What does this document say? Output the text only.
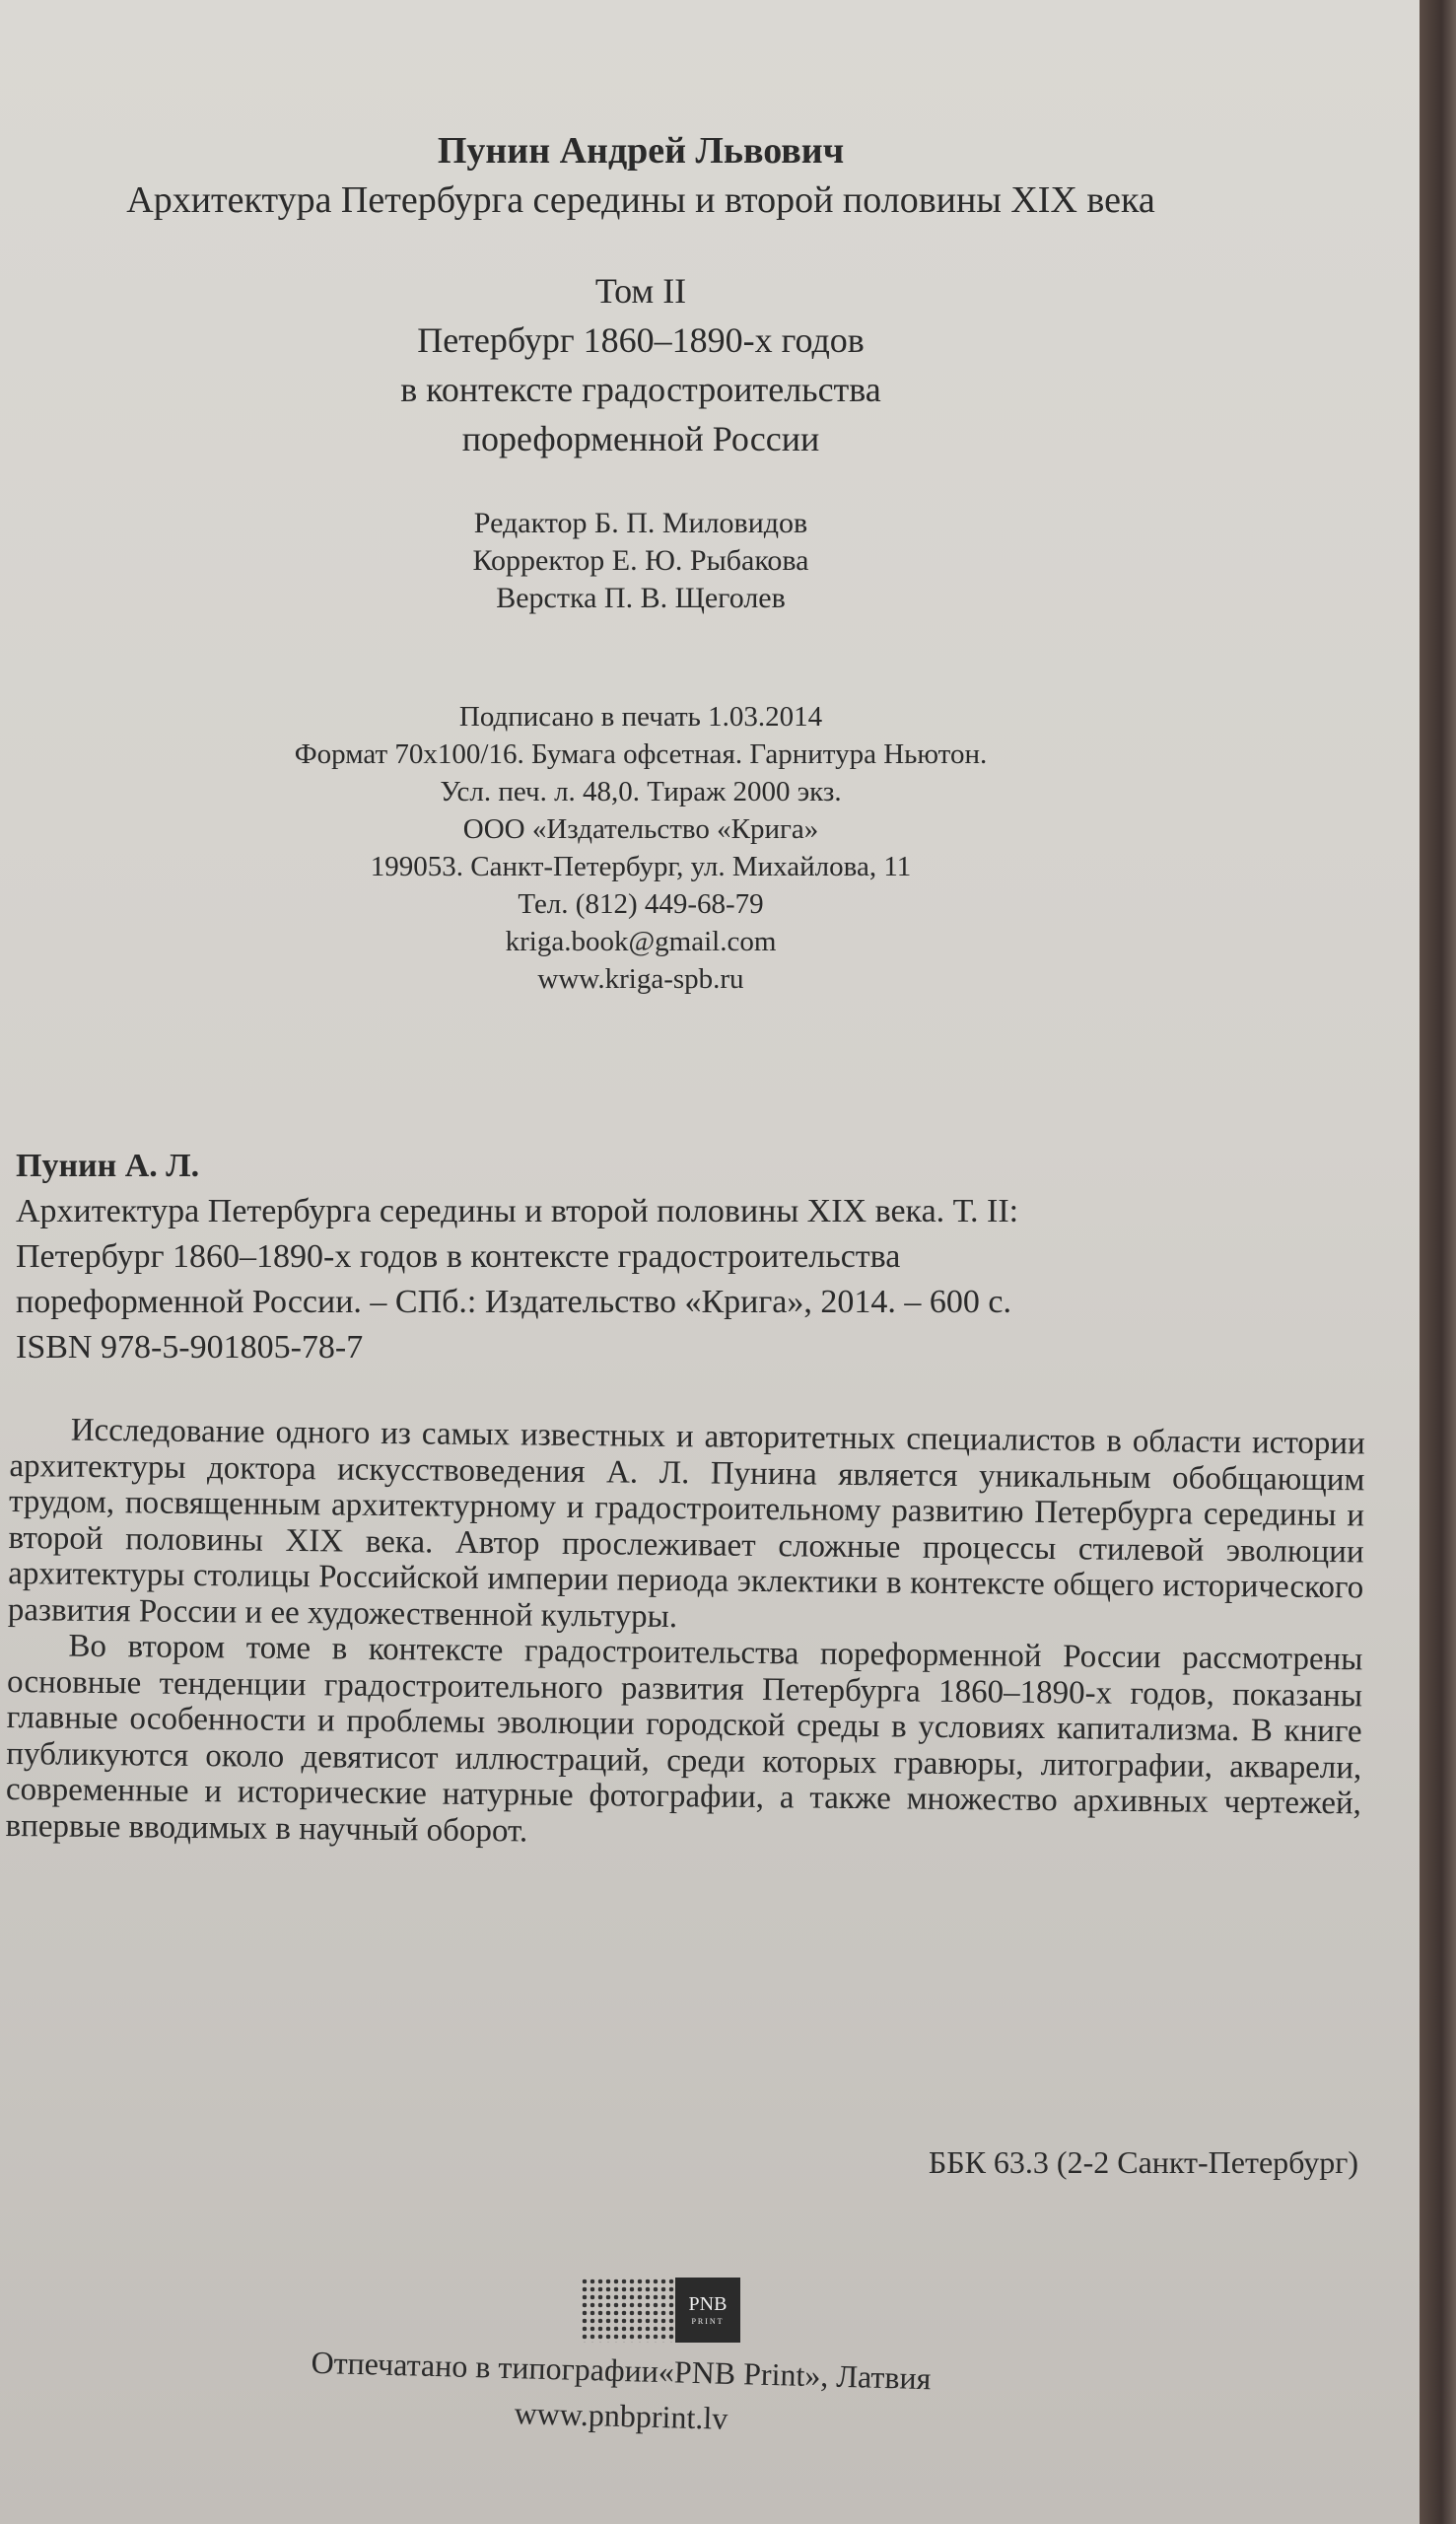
Пунин Андрей Львович
Архитектура Петербурга середины и второй половины XIX века
Том II
Петербург 1860–1890-х годов
в контексте градостроительства
пореформенной России
Редактор Б. П. Миловидов
Корректор Е. Ю. Рыбакова
Верстка П. В. Щеголев
Подписано в печать 1.03.2014
Формат 70х100/16. Бумага офсетная. Гарнитура Ньютон.
Усл. печ. л. 48,0. Тираж 2000 экз.
ООО «Издательство «Крига»
199053. Санкт-Петербург, ул. Михайлова, 11
Тел. (812) 449-68-79
kriga.book@gmail.com
www.kriga-spb.ru
Пунин А. Л.
Архитектура Петербурга середины и второй половины XIX века. Т. II:
Петербург 1860–1890-х годов в контексте градостроительства
пореформенной России. – СПб.: Издательство «Крига», 2014. – 600 с.
ISBN 978-5-901805-78-7

Исследование одного из самых известных и авторитетных специалистов в области истории архитектуры доктора искусствоведения А. Л. Пунина является уникальным обобщающим трудом, посвященным архитектурному и градостроительному развитию Петербурга середины и второй половины XIX века. Автор прослеживает сложные процессы стилевой эволюции архитектуры столицы Российской империи периода эклектики в контексте общего исторического развития России и ее художественной культуры.

Во втором томе в контексте градостроительства пореформенной России рассмотрены основные тенденции градостроительного развития Петербурга 1860–1890-х годов, показаны главные особенности и проблемы эволюции городской среды в условиях капитализма. В книге публикуются около девятисот иллюстраций, среди которых гравюры, литографии, акварели, современные и исторические натурные фотографии, а также множество архивных чертежей, впервые вводимых в научный оборот.

ББК 63.3 (2-2 Санкт-Петербург)
PNB
PRINT
Отпечатано в типографии«PNB Print», Латвия
www.pnbprint.lv
